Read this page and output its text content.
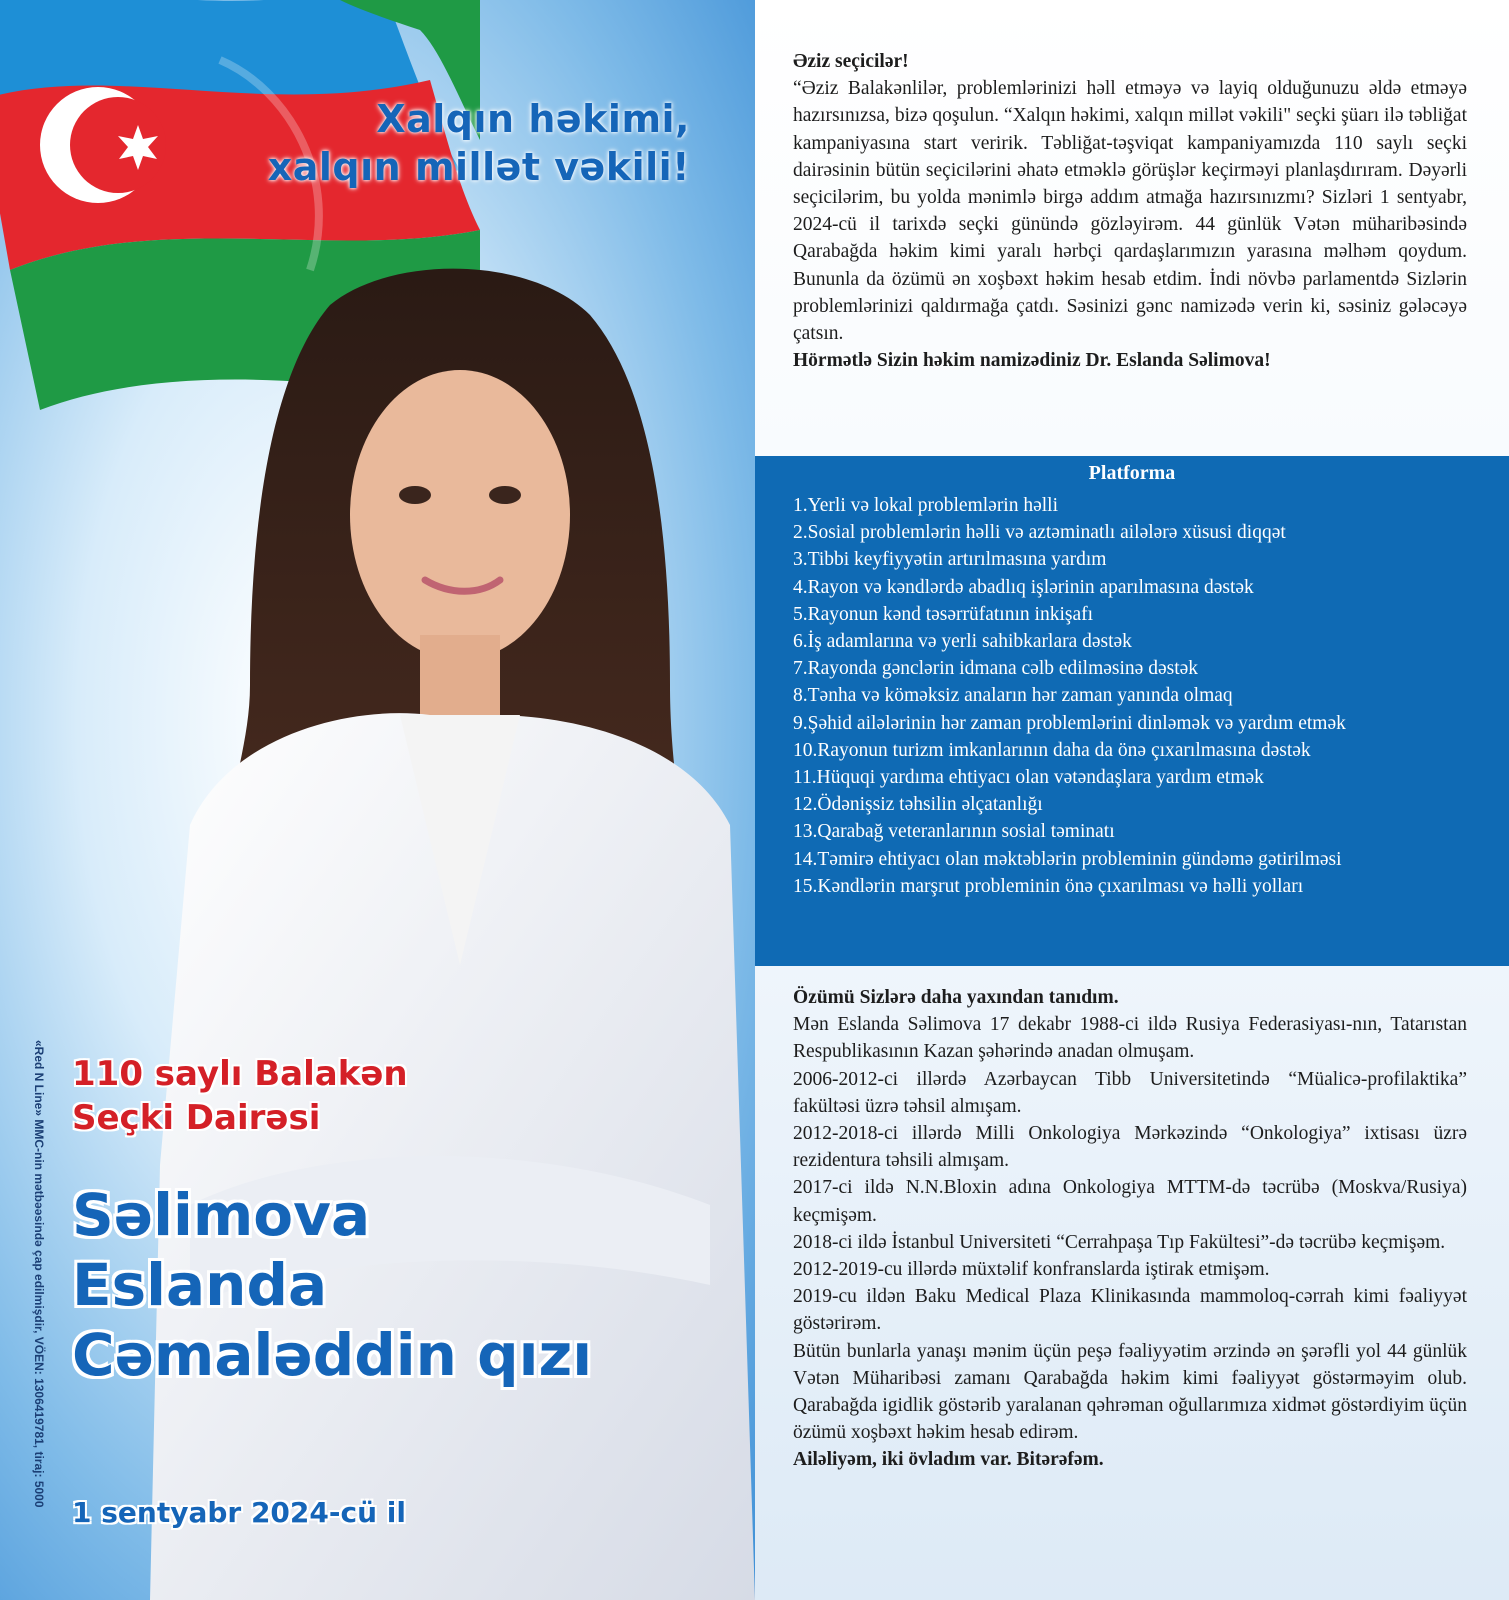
Xalqın həkimi,
xalqın millət vəkili!
110 saylı Balakən
Seçki Dairəsi
Səlimova
Eslanda
Cəmaləddin qızı
1 sentyabr 2024-cü il
«Red N Line» MMC-nin mətbəəsində çap edilmişdir, VÖEN: 1306419781, tiraj: 5000
Əziz seçicilər!
“Əziz Balakənlilər, problemlərinizi həll etməyə və layiq olduğunuzu əldə etməyə hazırsınızsa, bizə qoşulun. “Xalqın həkimi, xalqın millət vəkili" seçki şüarı ilə təbliğat kampaniyasına start veririk. Təbliğat-təşviqat kampaniyamızda 110 saylı seçki dairəsinin bütün seçicilərini əhatə etməklə görüşlər keçirməyi planlaşdırıram. Dəyərli seçicilərim, bu yolda mənimlə birgə addım atmağa hazırsınızmı? Sizləri 1 sentyabr, 2024-cü il tarixdə seçki günündə gözləyirəm. 44 günlük Vətən müharibəsində Qarabağda həkim kimi yaralı hərbçi qardaşlarımızın yarasına məlhəm qoydum. Bununla da özümü ən xoşbəxt həkim hesab etdim. İndi növbə parlamentdə Sizlərin problemlərinizi qaldırmağa çatdı. Səsinizi gənc namizədə verin ki, səsiniz gələcəyə çatsın.
Hörmətlə Sizin həkim namizədiniz Dr. Eslanda Səlimova!
Platforma
1.Yerli və lokal problemlərin həlli
2.Sosial problemlərin həlli və aztəminatlı ailələrə xüsusi diqqət
3.Tibbi keyfiyyətin artırılmasına yardım
4.Rayon və kəndlərdə abadlıq işlərinin aparılmasına dəstək
5.Rayonun kənd təsərrüfatının inkişafı
6.İş adamlarına və yerli sahibkarlara dəstək
7.Rayonda gənclərin idmana cəlb edilməsinə dəstək
8.Tənha və köməksiz anaların hər zaman yanında olmaq
9.Şəhid ailələrinin hər zaman problemlərini dinləmək və yardım etmək
10.Rayonun turizm imkanlarının daha da önə çıxarılmasına dəstək
11.Hüquqi yardıma ehtiyacı olan vətəndaşlara yardım etmək
12.Ödənişsiz təhsilin əlçatanlığı
13.Qarabağ veteranlarının sosial təminatı
14.Təmirə ehtiyacı olan məktəblərin probleminin gündəmə gətirilməsi
15.Kəndlərin marşrut probleminin önə çıxarılması və həlli yolları
Özümü Sizlərə daha yaxından tanıdım.
Mən Eslanda Səlimova 17 dekabr 1988-ci ildə Rusiya Federasiyası-nın, Tatarıstan Respublikasının Kazan şəhərində anadan olmuşam.
2006-2012-ci illərdə Azərbaycan Tibb Universitetində “Müalicə-profilaktika” fakültəsi üzrə təhsil almışam.
2012-2018-ci illərdə Milli Onkologiya Mərkəzində “Onkologiya” ixtisası üzrə rezidentura təhsili almışam.
2017-ci ildə N.N.Bloxin adına Onkologiya MTTM-də təcrübə (Moskva/Rusiya) keçmişəm.
2018-ci ildə İstanbul Universiteti “Cerrahpaşa Tıp Fakültesi”-də təcrübə keçmişəm.
2012-2019-cu illərdə müxtəlif konfranslarda iştirak etmişəm.
2019-cu ildən Baku Medical Plaza Klinikasında mammoloq-cərrah kimi fəaliyyət göstərirəm.
Bütün bunlarla yanaşı mənim üçün peşə fəaliyyətim ərzində ən şərəfli yol 44 günlük Vətən Müharibəsi zamanı Qarabağda həkim kimi fəaliyyət göstərməyim olub. Qarabağda igidlik göstərib yaralanan qəhrəman oğullarımıza xidmət göstərdiyim üçün özümü xoşbəxt həkim hesab edirəm.
Ailəliyəm, iki övladım var. Bitərəfəm.
